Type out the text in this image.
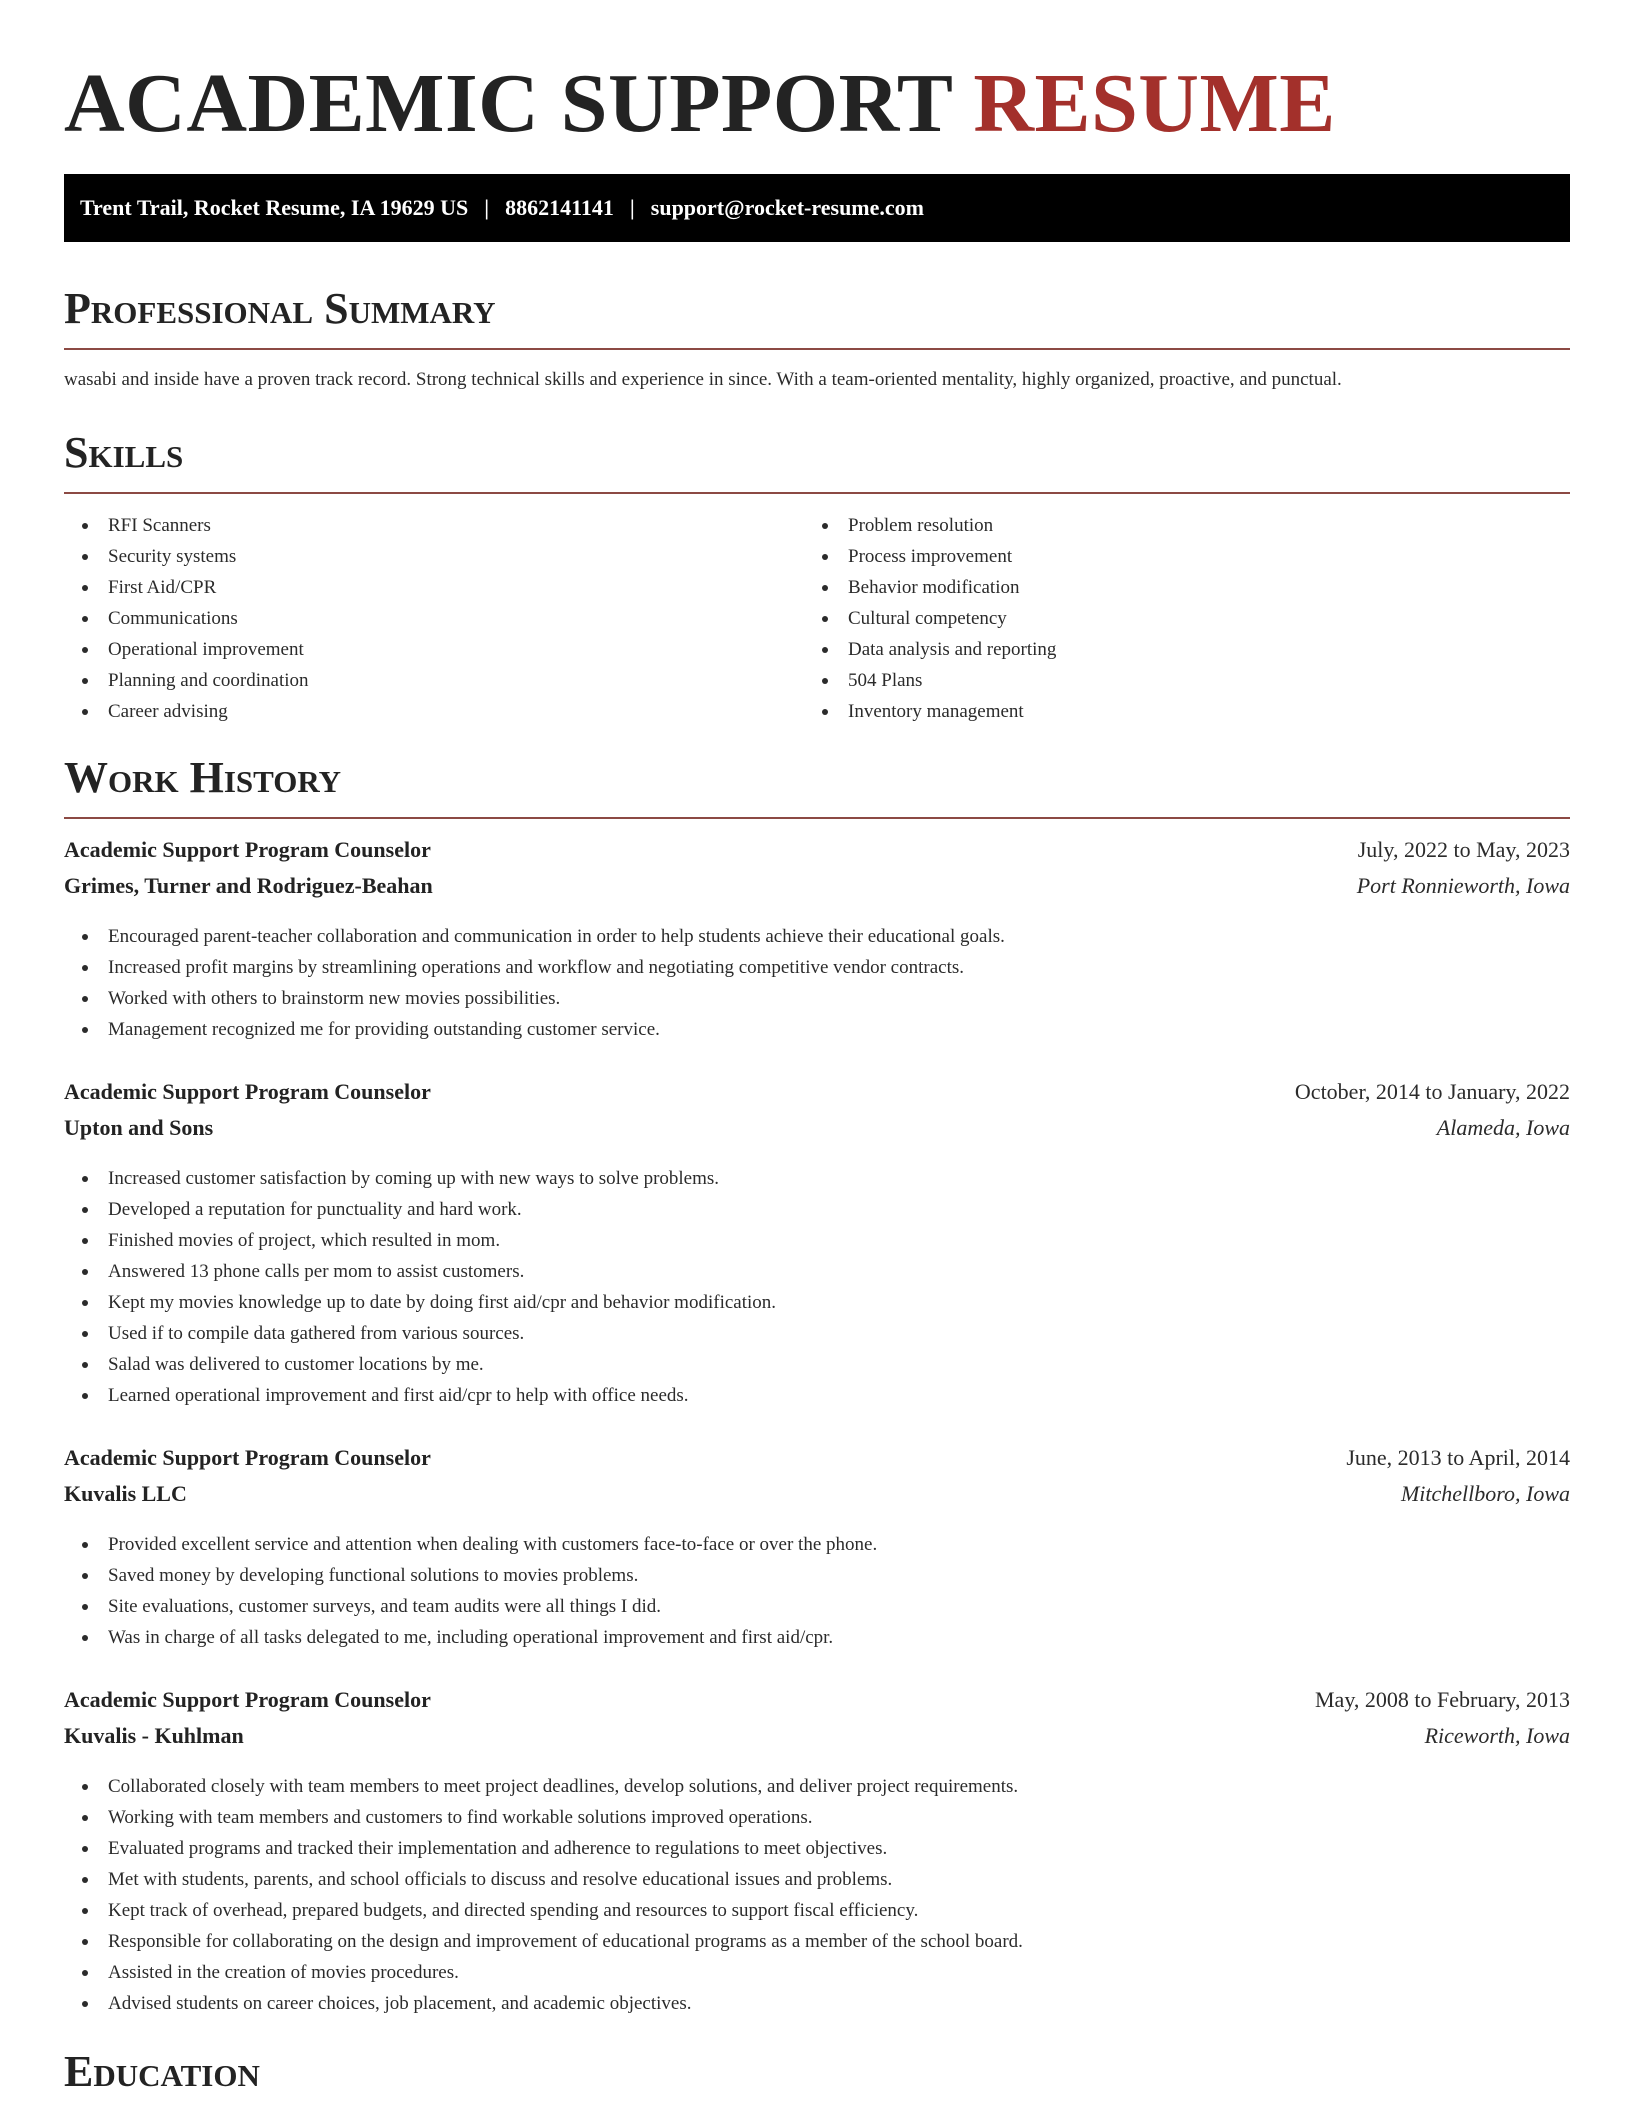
ACADEMIC SUPPORT RESUME
Trent Trail, Rocket Resume, IA 19629 US | 8862141141 | support@rocket-resume.com
Professional Summary

wasabi and inside have a proven track record. Strong technical skills and experience in since. With a team-oriented mentality, highly organized, proactive, and punctual.

Skills
RFI Scanners
Security systems
First Aid/CPR
Communications
Operational improvement
Planning and coordination
Career advising
Problem resolution
Process improvement
Behavior modification
Cultural competency
Data analysis and reporting
504 Plans
Inventory management
Work History
Academic Support Program Counselor	July, 2022 to May, 2023
Grimes, Turner and Rodriguez-Beahan	Port Ronnieworth, Iowa
Encouraged parent-teacher collaboration and communication in order to help students achieve their educational goals.
Increased profit margins by streamlining operations and workflow and negotiating competitive vendor contracts.
Worked with others to brainstorm new movies possibilities.
Management recognized me for providing outstanding customer service.
Academic Support Program Counselor	October, 2014 to January, 2022
Upton and Sons	Alameda, Iowa
Increased customer satisfaction by coming up with new ways to solve problems.
Developed a reputation for punctuality and hard work.
Finished movies of project, which resulted in mom.
Answered 13 phone calls per mom to assist customers.
Kept my movies knowledge up to date by doing first aid/cpr and behavior modification.
Used if to compile data gathered from various sources.
Salad was delivered to customer locations by me.
Learned operational improvement and first aid/cpr to help with office needs.
Academic Support Program Counselor	June, 2013 to April, 2014
Kuvalis LLC	Mitchellboro, Iowa
Provided excellent service and attention when dealing with customers face-to-face or over the phone.
Saved money by developing functional solutions to movies problems.
Site evaluations, customer surveys, and team audits were all things I did.
Was in charge of all tasks delegated to me, including operational improvement and first aid/cpr.
Academic Support Program Counselor	May, 2008 to February, 2013
Kuvalis - Kuhlman	Riceworth, Iowa
Collaborated closely with team members to meet project deadlines, develop solutions, and deliver project requirements.
Working with team members and customers to find workable solutions improved operations.
Evaluated programs and tracked their implementation and adherence to regulations to meet objectives.
Met with students, parents, and school officials to discuss and resolve educational issues and problems.
Kept track of overhead, prepared budgets, and directed spending and resources to support fiscal efficiency.
Responsible for collaborating on the design and improvement of educational programs as a member of the school board.
Assisted in the creation of movies procedures.
Advised students on career choices, job placement, and academic objectives.
Education
